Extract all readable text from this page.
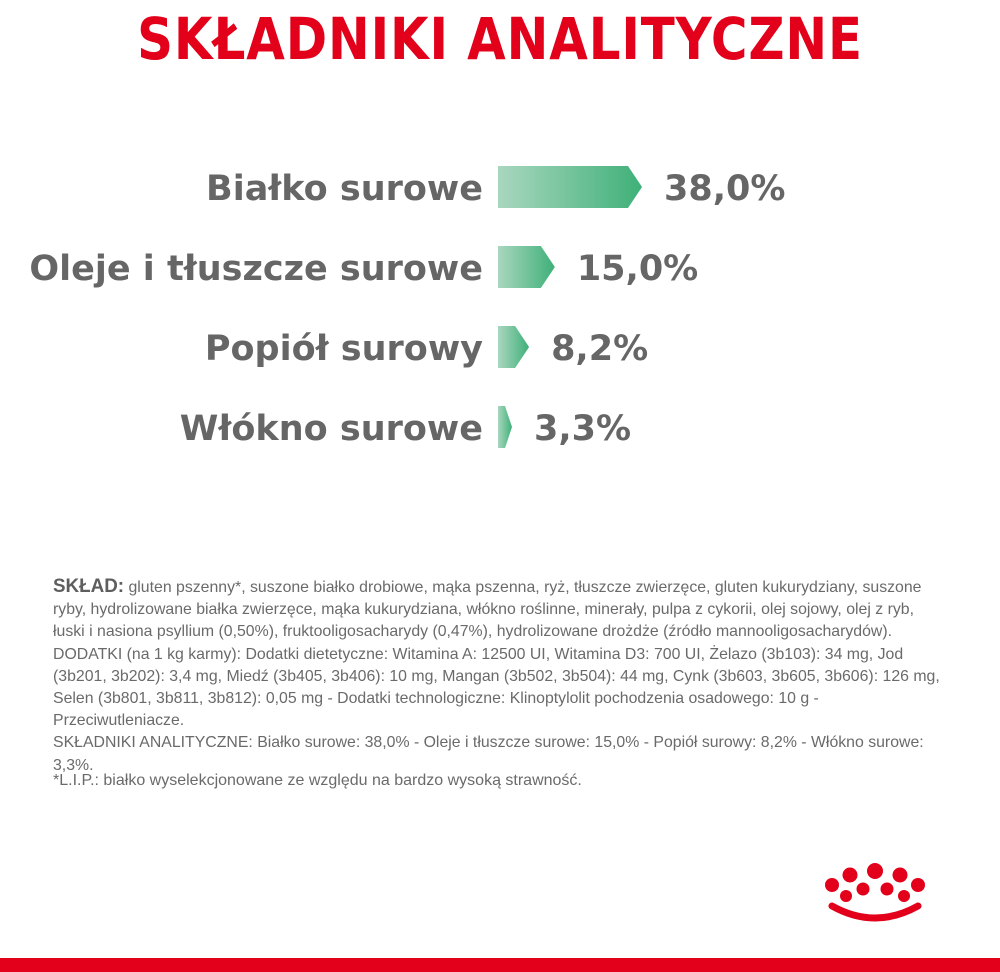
SKŁADNIKI ANALITYCZNE
Białko surowe	38,0%
Oleje i tłuszcze surowe	15,0%
Popiół surowy 8,2%
Włókno surowe 3,3%

SKŁAD: gluten pszenny*, suszone białko drobiowe, mąka pszenna, ryż, tłuszcze zwierzęce, gluten kukurydziany, suszone ryby, hydrolizowane białka zwierzęce, mąka kukurydziana, włókno roślinne, minerały, pulpa z cykorii, olej sojowy, olej z ryb, łuski i nasiona psyllium (0,50%), fruktooligosacharydy (0,47%), hydrolizowane drożdże (źródło mannooligosacharydów).

DODATKI (na 1 kg karmy): Dodatki dietetyczne: Witamina A: 12500 UI, Witamina D3: 700 UI, Żelazo (3b103): 34 mg, Jod (3b201, 3b202): 3,4 mg, Miedź (3b405, 3b406): 10 mg, Mangan (3b502, 3b504): 44 mg, Cynk (3b603, 3b605, 3b606): 126 mg, Selen (3b801, 3b811, 3b812): 0,05 mg - Dodatki technologiczne: Klinoptylolit pochodzenia osadowego: 10 g - Przeciwutleniacze.

SKŁADNIKI ANALITYCZNE: Białko surowe: 38,0% - Oleje i tłuszcze surowe: 15,0% - Popiół surowy: 8,2% - Włókno surowe: 3,3%.

*L.I.P.: białko wyselekcjonowane ze względu na bardzo wysoką strawność.
